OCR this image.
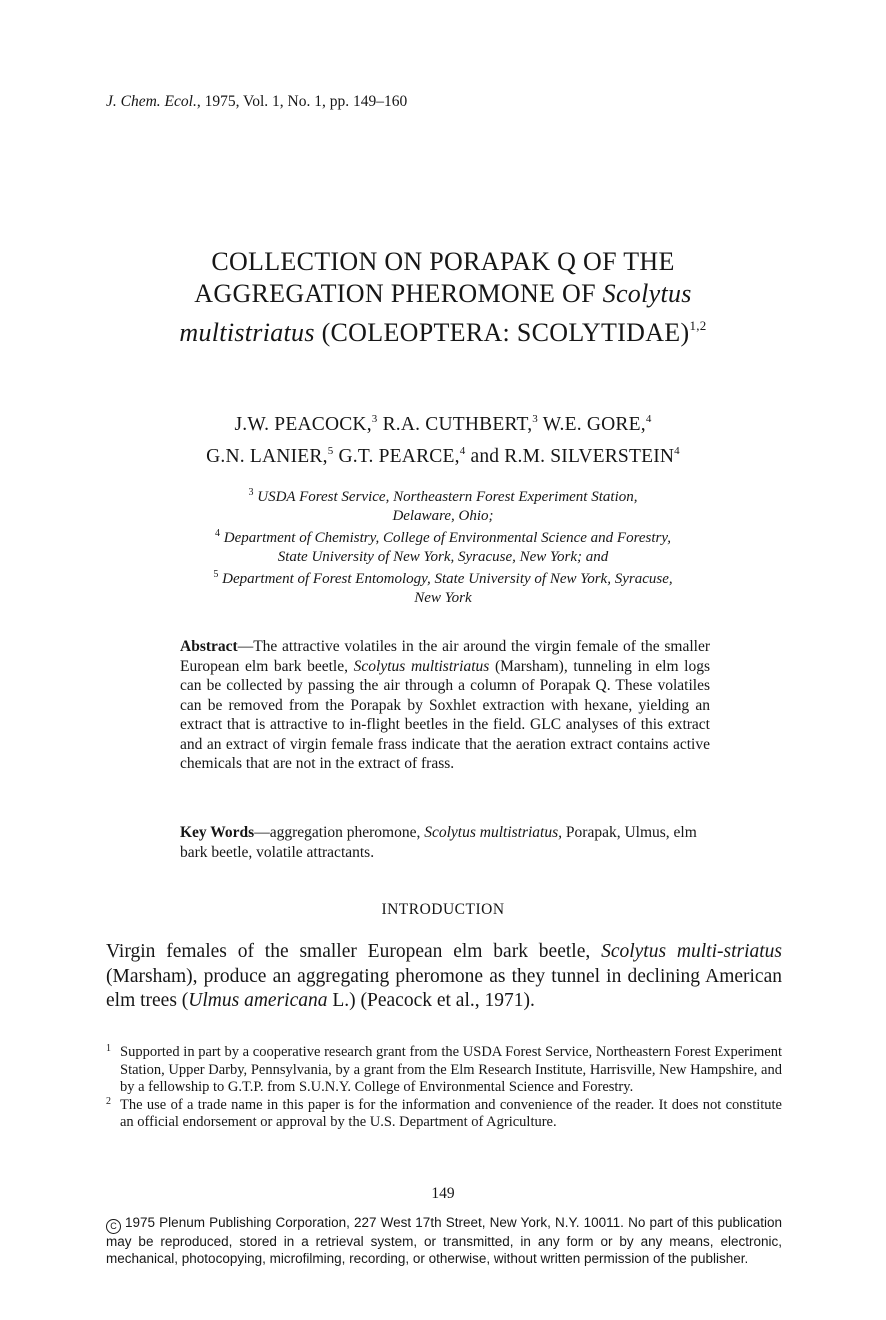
J. Chem. Ecol., 1975, Vol. 1, No. 1, pp. 149–160
COLLECTION ON PORAPAK Q OF THE
AGGREGATION PHEROMONE OF Scolytus
multistriatus (COLEOPTERA: SCOLYTIDAE)$^{1,2}$
J.W. PEACOCK,$^3$ R.A. CUTHBERT,$^3$ W.E. GORE,$^4$
G.N. LANIER,$^5$ G.T. PEARCE,$^4$ and R.M. SILVERSTEIN$^4$
$^3$ USDA Forest Service, Northeastern Forest Experiment Station,
Delaware, Ohio;
$^4$ Department of Chemistry, College of Environmental Science and Forestry,
State University of New York, Syracuse, New York; and
$^5$ Department of Forest Entomology, State University of New York, Syracuse,
New York
Abstract—The attractive volatiles in the air around the virgin female of the smaller European elm bark beetle, Scolytus multistriatus (Marsham), tunneling in elm logs can be collected by passing the air through a column of Porapak Q. These volatiles can be removed from the Porapak by Soxhlet extraction with hexane, yielding an extract that is attractive to in-flight beetles in the field. GLC analyses of this extract and an extract of virgin female frass indicate that the aeration extract contains active chemicals that are not in the extract of frass.
Key Words—aggregation pheromone, Scolytus multistriatus, Porapak, Ulmus, elm bark beetle, volatile attractants.
INTRODUCTION
Virgin females of the smaller European elm bark beetle, Scolytus multi-striatus (Marsham), produce an aggregating pheromone as they tunnel in declining American elm trees (Ulmus americana L.) (Peacock et al., 1971).
1 Supported in part by a cooperative research grant from the USDA Forest Service, Northeastern Forest Experiment Station, Upper Darby, Pennsylvania, by a grant from the Elm Research Institute, Harrisville, New Hampshire, and by a fellowship to G.T.P. from S.U.N.Y. College of Environmental Science and Forestry.
2 The use of a trade name in this paper is for the information and convenience of the reader. It does not constitute an official endorsement or approval by the U.S. Department of Agriculture.
149
C 1975 Plenum Publishing Corporation, 227 West 17th Street, New York, N.Y. 10011. No part of this publication may be reproduced, stored in a retrieval system, or transmitted, in any form or by any means, electronic, mechanical, photocopying, microfilming, recording, or otherwise, without written permission of the publisher.
